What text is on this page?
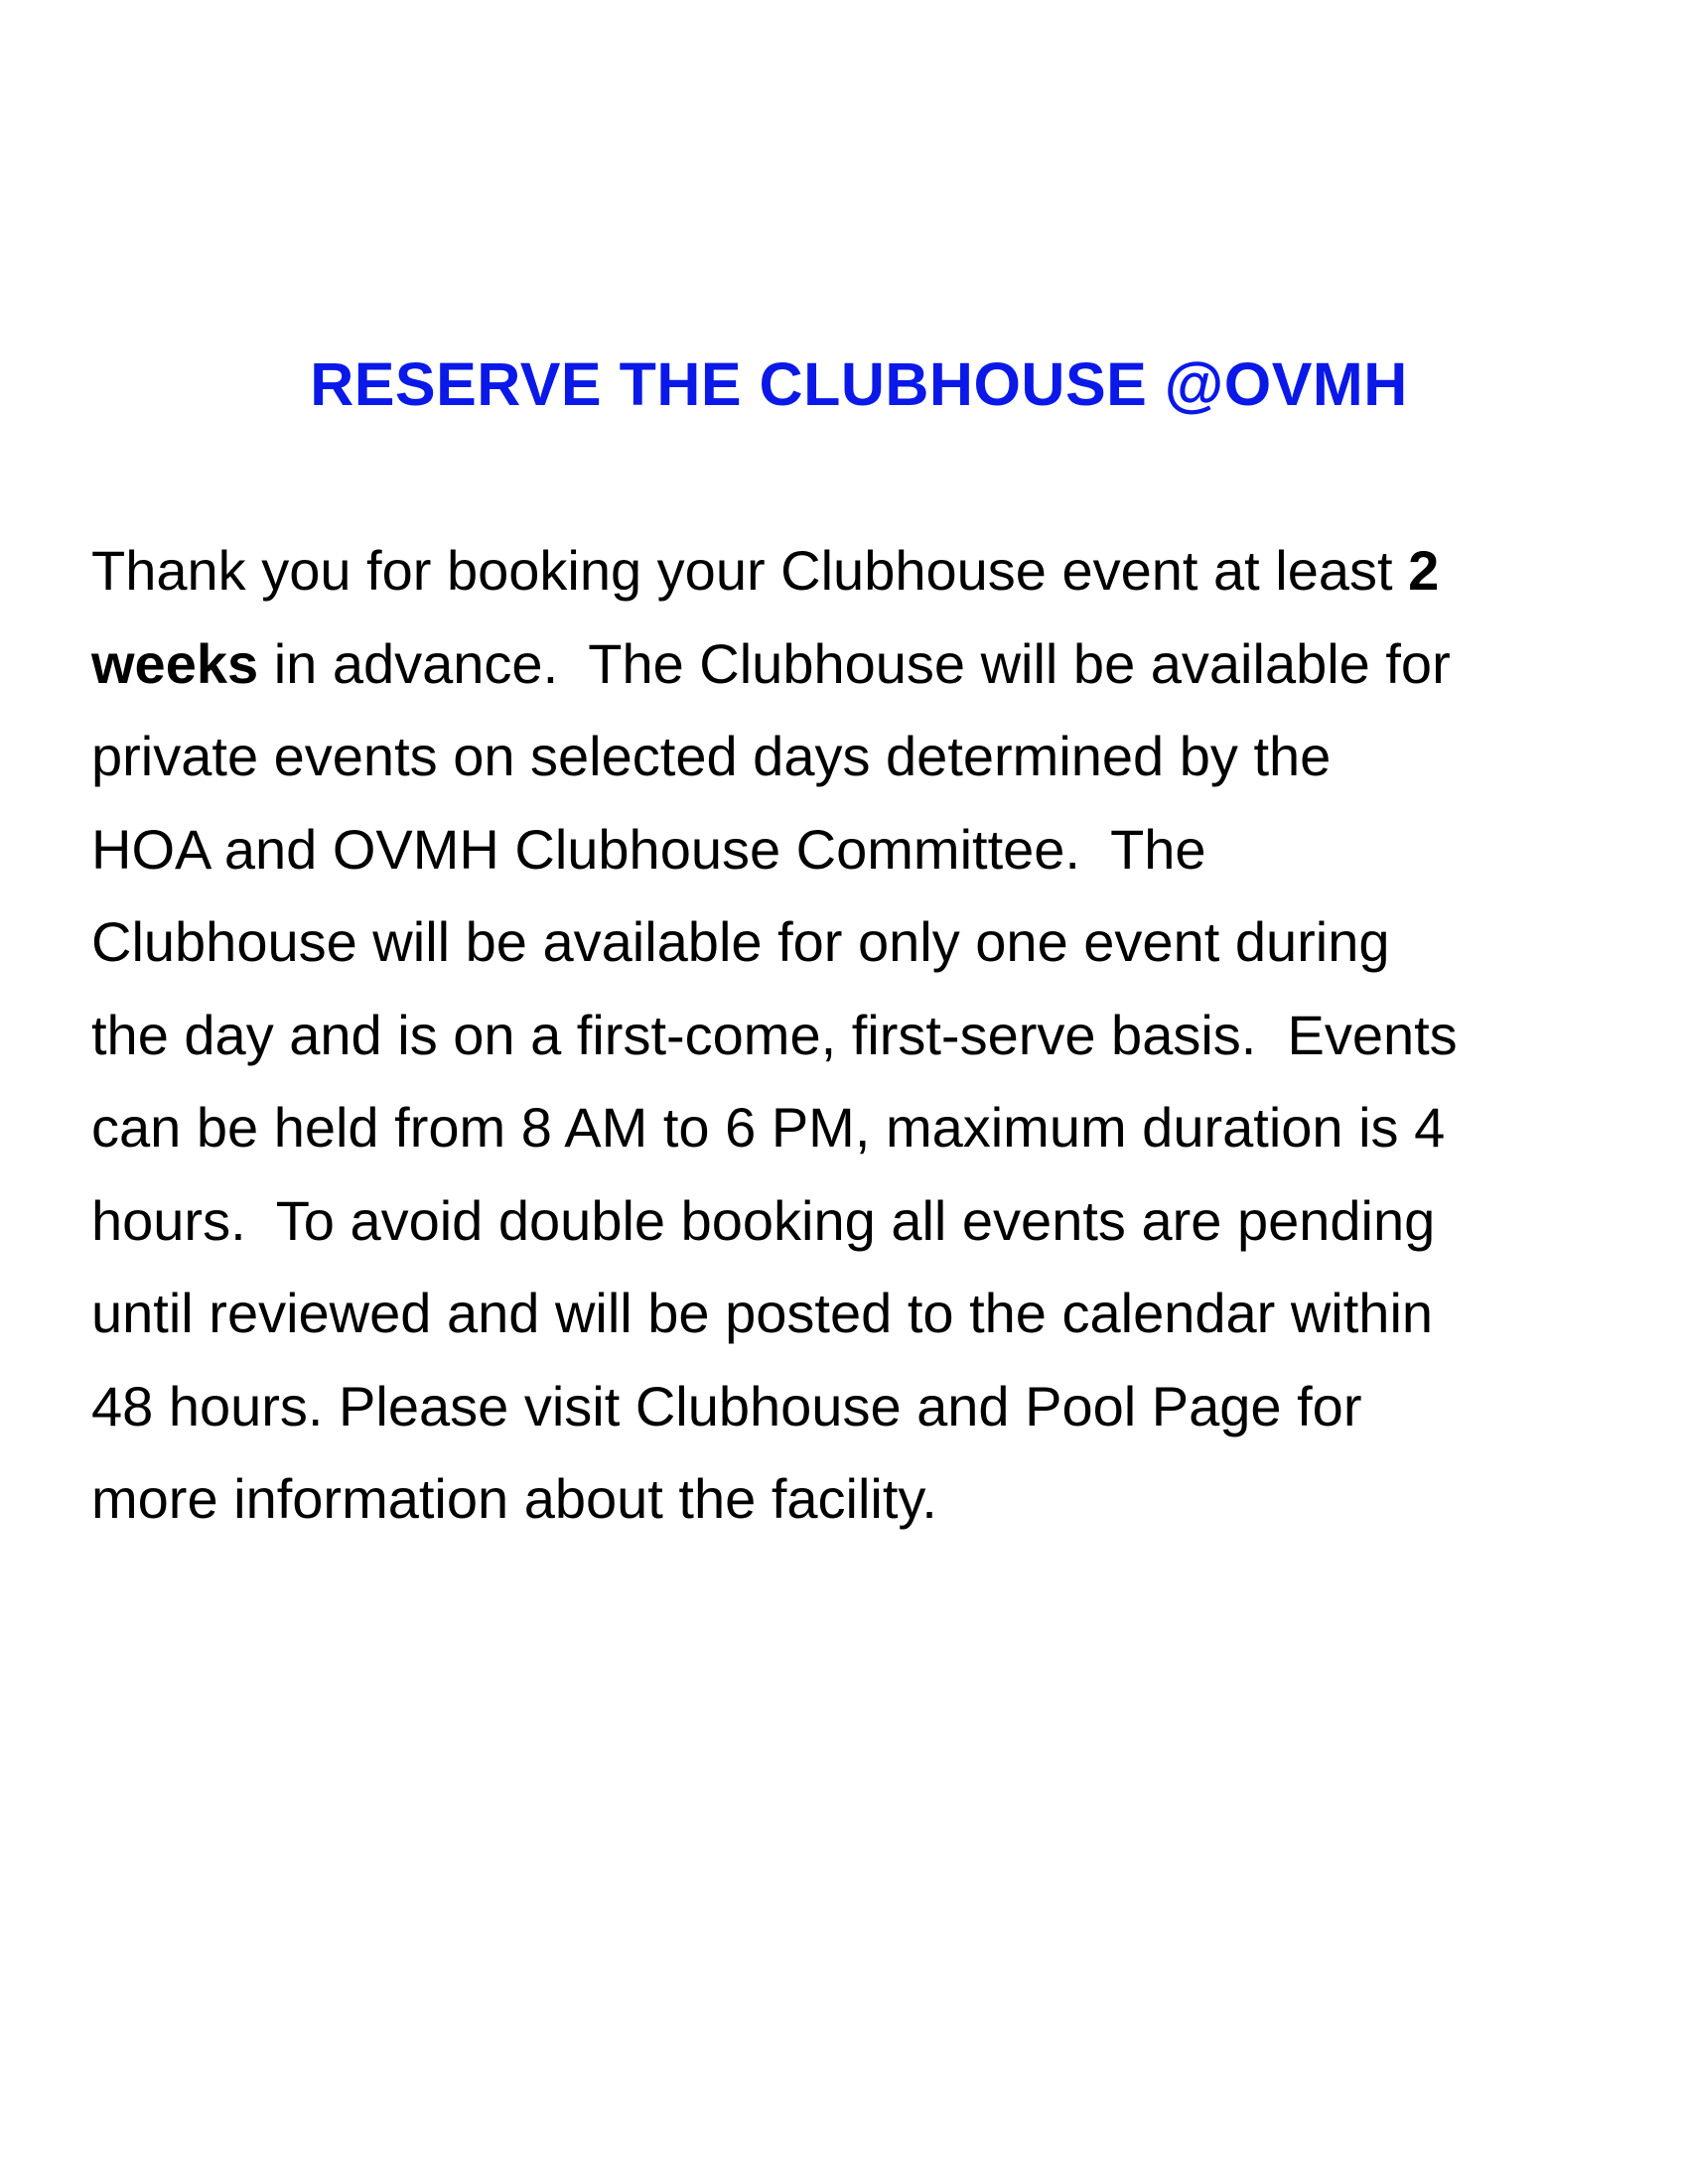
RESERVE THE CLUBHOUSE @OVMH
Thank you for booking your Clubhouse event at least 2
weeks in advance.  The Clubhouse will be available for
private events on selected days determined by the
HOA and OVMH Clubhouse Committee.  The
Clubhouse will be available for only one event during
the day and is on a first-come, first-serve basis.  Events
can be held from 8 AM to 6 PM, maximum duration is 4
hours.  To avoid double booking all events are pending
until reviewed and will be posted to the calendar within
48 hours. Please visit Clubhouse and Pool Page for
more information about the facility.
